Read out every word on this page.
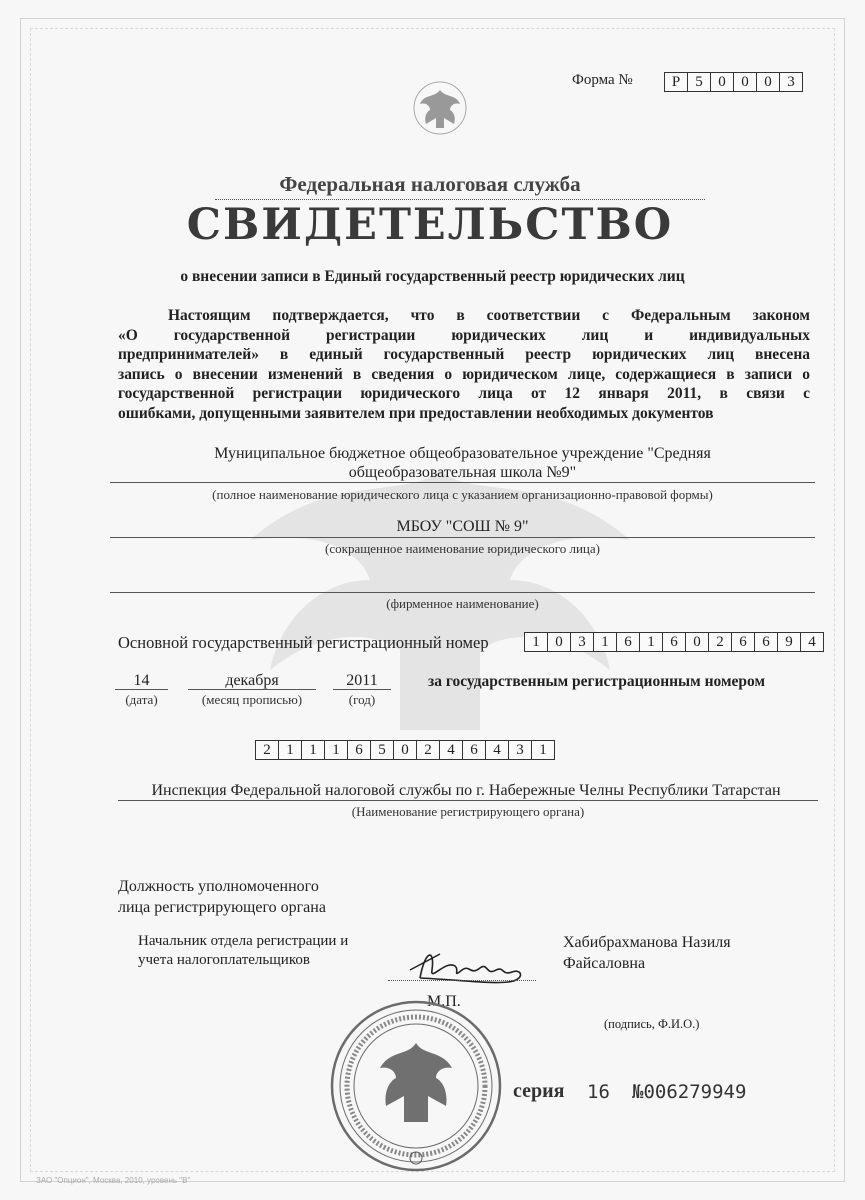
Форма №	Р	5	0	0	0	3
Федеральная налоговая служба
СВИДЕТЕЛЬСТВО
о внесении записи в Единый государственный реестр юридических лиц
Настоящим подтверждается, что в соответствии с Федеральным законом
«О государственной регистрации юридических лиц и индивидуальных
предпринимателей» в единый государственный реестр юридических лиц внесена
запись о внесении изменений в сведения о юридическом лице, содержащиеся в записи о
государственной регистрации юридического лица от 12 января 2011, в связи с
ошибками, допущенными заявителем при предоставлении необходимых документов
Муниципальное бюджетное общеобразовательное учреждение "Средняя
общеобразовательная школа №9"
(полное наименование юридического лица с указанием организационно-правовой формы)
МБОУ "СОШ № 9"
(сокращенное наименование юридического лица)
(фирменное наименование)
Основной государственный регистрационный номер	1	0	3	1	6	1	6	0	2	6	6	9	4
14
(дата)
декабря
(месяц прописью)
2011
(год)
за государственным регистрационным номером
2	1	1	1	6	5	0	2	4	6	4	3	1
Инспекция Федеральной налоговой службы по г. Набережные Челны Республики Татарстан
(Наименование регистрирующего органа)
Должность уполномоченного
лица регистрирующего органа
Начальник отдела регистрации и
учета налогоплательщиков
Хабибрахманова Назиля
Файсаловна
М.П.
(подпись, Ф.И.О.)
серия 16 №006279949
ЗАО "Опцион", Москва, 2010, уровень "В"
